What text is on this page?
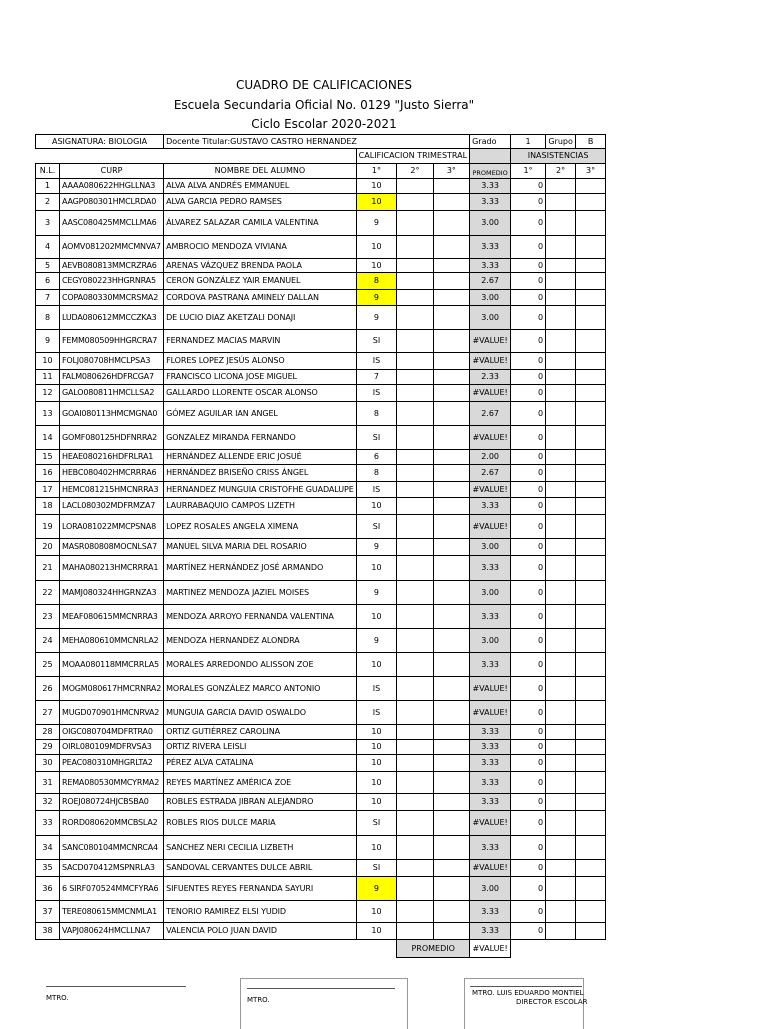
CUADRO DE CALIFICACIONES
Escuela Secundaria Oficial No. 0129 "Justo Sierra"
Ciclo Escolar 2020-2021
ASIGNATURA: BIOLOGIA		Docente Titular:GUSTAVO CASTRO HERNANDEZ				Grado	1	Grupo	B
			CALIFICACION TRIMESTRAL				INASISTENCIAS		
N.L.	CURP	NOMBRE DEL ALUMNO	1°	2°	3°	PROMEDIO	1°	2°	3°
1	AAAA080622HHGLLNA3	ALVA ALVA ANDRÉS EMMANUEL	10			3.33	0		
2	AAGP080301HMCLRDA0	ALVA GARCIA PEDRO RAMSES	10			3.33	0		
3	AASC080425MMCLLMA6	ÁLVAREZ SALAZAR CAMILA VALENTINA	9			3.00	0		
4	AOMV081202MMCMNVA7	AMBROCIO MENDOZA VIVIANA	10			3.33	0		
5	AEVB080813MMCRZRA6	ARENAS VÁZQUEZ BRENDA PAOLA	10			3.33	0		
6	CEGY080223HHGRNRA5	CERON GONZÁLEZ YAIR EMANUEL	8			2.67	0		
7	COPA080330MMCRSMA2	CORDOVA PASTRANA AMINELY DALLAN	9			3.00	0		
8	LUDA080612MMCCZKA3	DE LUCIO DIAZ AKETZALI DONAJI	9			3.00	0		
9	FEMM080509HHGRCRA7	FERNANDEZ MACIAS MARVIN	SI			#VALUE!	0		
10	FOLJ080708HMCLPSA3	FLORES LOPEZ JESÚS ALONSO	IS			#VALUE!	0		
11	FALM080626HDFRCGA7	FRANCISCO LICONA JOSE MIGUEL	7			2.33	0		
12	GALO080811HMCLLSA2	GALLARDO LLORENTE OSCAR ALONSO	IS			#VALUE!	0		
13	GOAI080113HMCMGNA0	GÓMEZ AGUILAR IAN ANGEL	8			2.67	0		
14	GOMF080125HDFNRRA2	GONZALEZ MIRANDA FERNANDO	SI			#VALUE!	0		
15	HEAE080216HDFRLRA1	HERNÁNDEZ ALLENDE ERIC JOSUÉ	6			2.00	0		
16	HEBC080402HMCRRRA6	HERNÁNDEZ BRISEÑO CRISS ÁNGEL	8			2.67	0		
17	HEMC081215HMCNRRA3	HERNANDEZ MUNGUIA CRISTOFHE GUADALUPE	IS			#VALUE!	0		
18	LACL080302MDFRMZA7	LAURRABAQUIO CAMPOS LIZETH	10			3.33	0		
19	LORA081022MMCPSNA8	LOPEZ ROSALES ANGELA XIMENA	SI			#VALUE!	0		
20	MASR080808MOCNLSA7	MANUEL SILVA MARIA DEL ROSARIO	9			3.00	0		
21	MAHA080213HMCRRRA1	MARTÍNEZ HERNÁNDEZ JOSÉ ARMANDO	10			3.33	0		
22	MAMJ080324HHGRNZA3	MARTINEZ MENDOZA JAZIEL MOISES	9			3.00	0		
23	MEAF080615MMCNRRA3	MENDOZA ARROYO FERNANDA VALENTINA	10			3.33	0		
24	MEHA080610MMCNRLA2	MENDOZA HERNANDEZ ALONDRA	9			3.00	0		
25	MOAA080118MMCRRLA5	MORALES ARREDONDO ALISSON ZOE	10			3.33	0		
26	MOGM080617HMCRNRA2	MORALES GONZÁLEZ MARCO ANTONIO	IS			#VALUE!	0		
27	MUGD070901HMCNRVA2	MUNGUIA GARCIA DAVID OSWALDO	IS			#VALUE!	0		
28	OIGC080704MDFRTRA0	ORTIZ GUTIÉRREZ CAROLINA	10			3.33	0		
29	OIRL080109MDFRVSA3	ORTIZ RIVERA LEISLI	10			3.33	0		
30	PEAC080310MHGRLTA2	PÉREZ ALVA CATALINA	10			3.33	0		
31	REMA080530MMCYRMA2	REYES MARTÍNEZ AMÉRICA ZOE	10			3.33	0		
32	ROEJ080724HJCBSBA0	ROBLES ESTRADA JIBRAN ALEJANDRO	10			3.33	0		
33	RORD080620MMCBSLA2	ROBLES RIOS DULCE MARIA	SI			#VALUE!	0		
34	SANC080104MMCNRCA4	SANCHEZ NERI CECILIA LIZBETH	10			3.33	0		
35	SACD070412MSPNRLA3	SANDOVAL CERVANTES DULCE ABRIL	SI			#VALUE!	0		
36	6 SIRF070524MMCFYRA6	SIFUENTES REYES FERNANDA SAYURI	9			3.00	0		
37	TERE080615MMCNMLA1	TENORIO RAMIREZ ELSI YUDID	10			3.33	0		
38	VAPJ080624HMCLLNA7	VALENCIA POLO JUAN DAVID	10			3.33	0		
				PROMEDIO		#VALUE!			
MTRO.	MTRO.
MTRO. LUIS EDUARDO MONTIEL
DIRECTOR ESCOLAR
